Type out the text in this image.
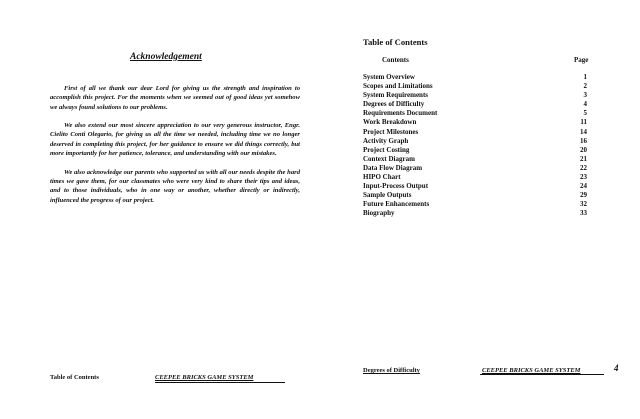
Acknowledgement

First of all we thank our dear Lord for giving us the strength and inspiration to accomplish this project. For the moments when we seemed out of good ideas yet somehow we always found solutions to our problems.

We also extend our most sincere appreciation to our very generous instructor, Engr. Cielito Conti Olegario, for giving us all the time we needed, including time we no longer deserved in completing this project, for her guidance to ensure we did things correctly, but more importantly for her patience, tolerance, and understanding with our mistakes.

We also acknowledge our parents who supported us with all our needs despite the hard times we gave them, for our classmates who were very kind to share their tips and ideas, and to those individuals, who in one way or another, whether directly or indirectly, influenced the progress of our project.

Table of Contents	CEEPEE BRICKS GAME SYSTEM
Table of Contents
Contents	Page
System Overview	1
Scopes and Limitations	2
System Requirements	3
Degrees of Difficulty	4
Requirements Document	5
Work Breakdown	11
Project Milestones	14
Activity Graph	16
Project Costing	20
Context Diagram	21
Data Flow Diagram	22
HIPO Chart	23
Input-Process Output	24
Sample Outputs	29
Future Enhancements	32
Biography	33
Degrees of Difficulty	CEEPEE BRICKS GAME SYSTEM	4
